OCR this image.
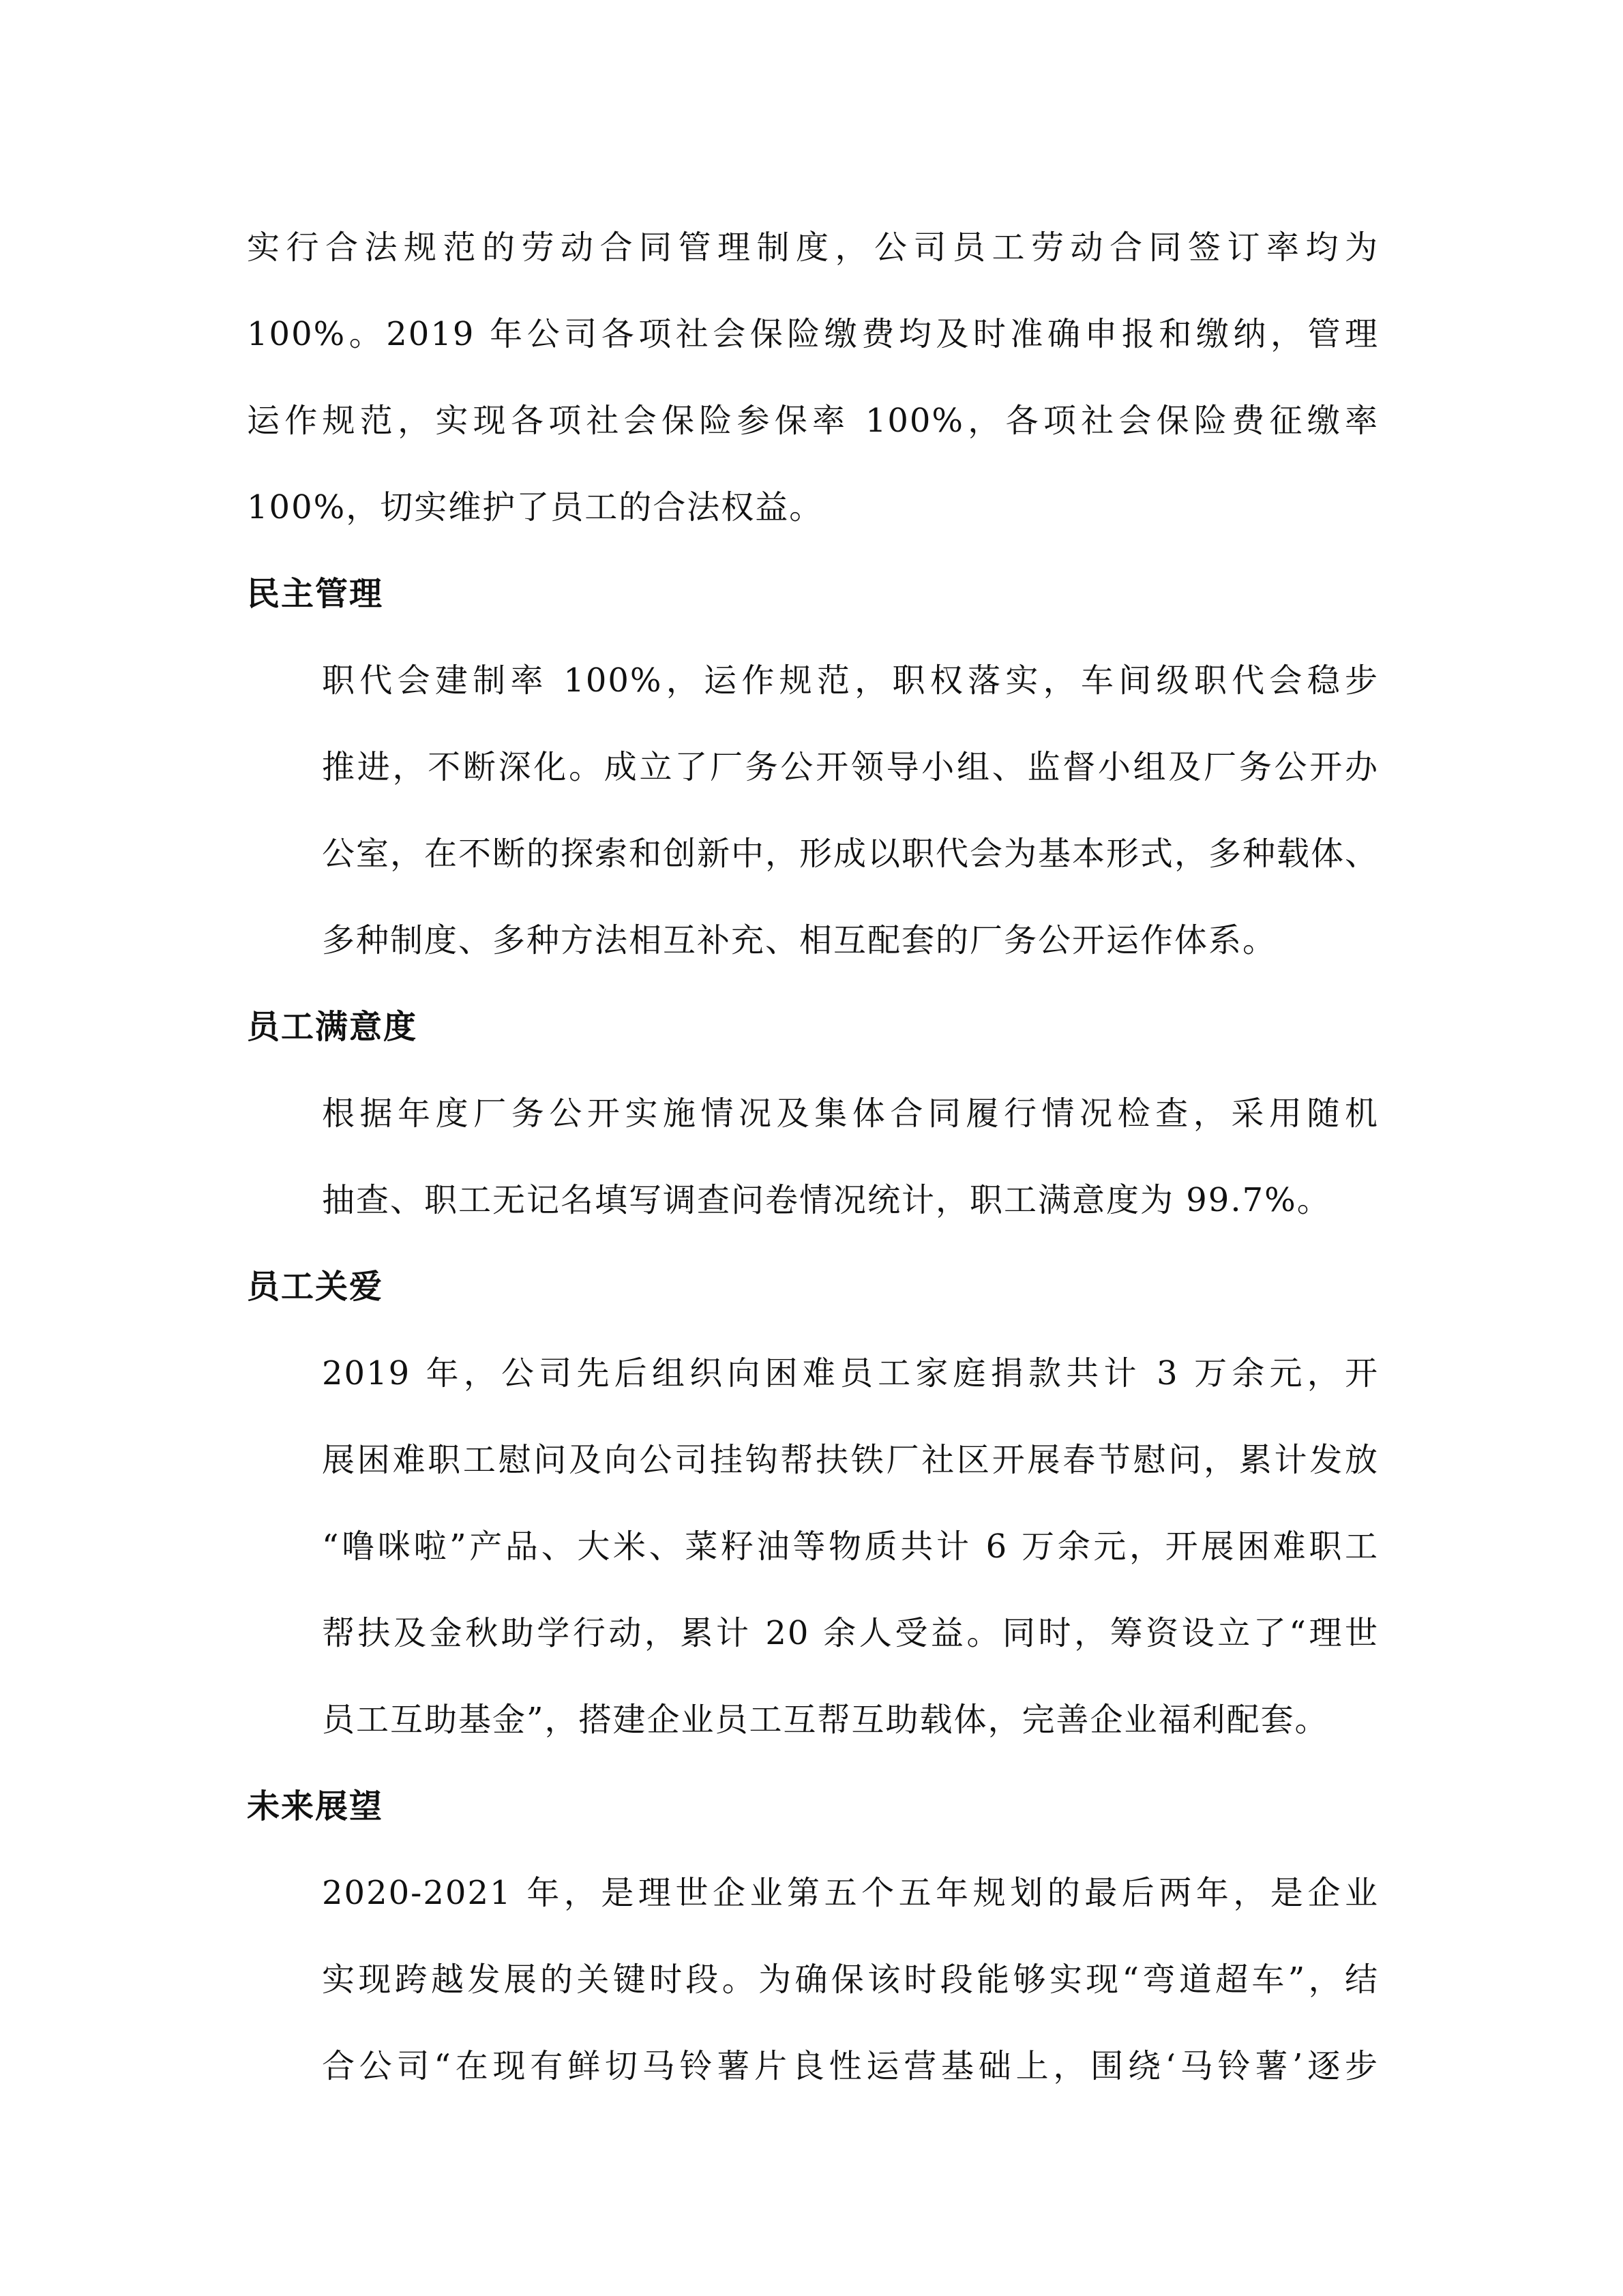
实行合法规范的劳动合同管理制度，公司员工劳动合同签订率均为
100%。2019 年公司各项社会保险缴费均及时准确申报和缴纳，管理
运作规范，实现各项社会保险参保率 100%，各项社会保险费征缴率
100%，切实维护了员工的合法权益。

民主管理

职代会建制率 100%，运作规范，职权落实，车间级职代会稳步
推进，不断深化。成立了厂务公开领导小组、监督小组及厂务公开办
公室，在不断的探索和创新中，形成以职代会为基本形式，多种载体、
多种制度、多种方法相互补充、相互配套的厂务公开运作体系。

员工满意度

根据年度厂务公开实施情况及集体合同履行情况检查，采用随机
抽查、职工无记名填写调查问卷情况统计，职工满意度为 99.7%。

员工关爱

2019 年，公司先后组织向困难员工家庭捐款共计 3 万余元，开
展困难职工慰问及向公司挂钩帮扶铁厂社区开展春节慰问，累计发放
“噜咪啦”产品、大米、菜籽油等物质共计 6 万余元，开展困难职工
帮扶及金秋助学行动，累计 20 余人受益。同时，筹资设立了“理世
员工互助基金”，搭建企业员工互帮互助载体，完善企业福利配套。

未来展望

2020-2021 年，是理世企业第五个五年规划的最后两年，是企业
实现跨越发展的关键时段。为确保该时段能够实现“弯道超车”，结
合公司“在现有鲜切马铃薯片良性运营基础上，围绕‘马铃薯’逐步
